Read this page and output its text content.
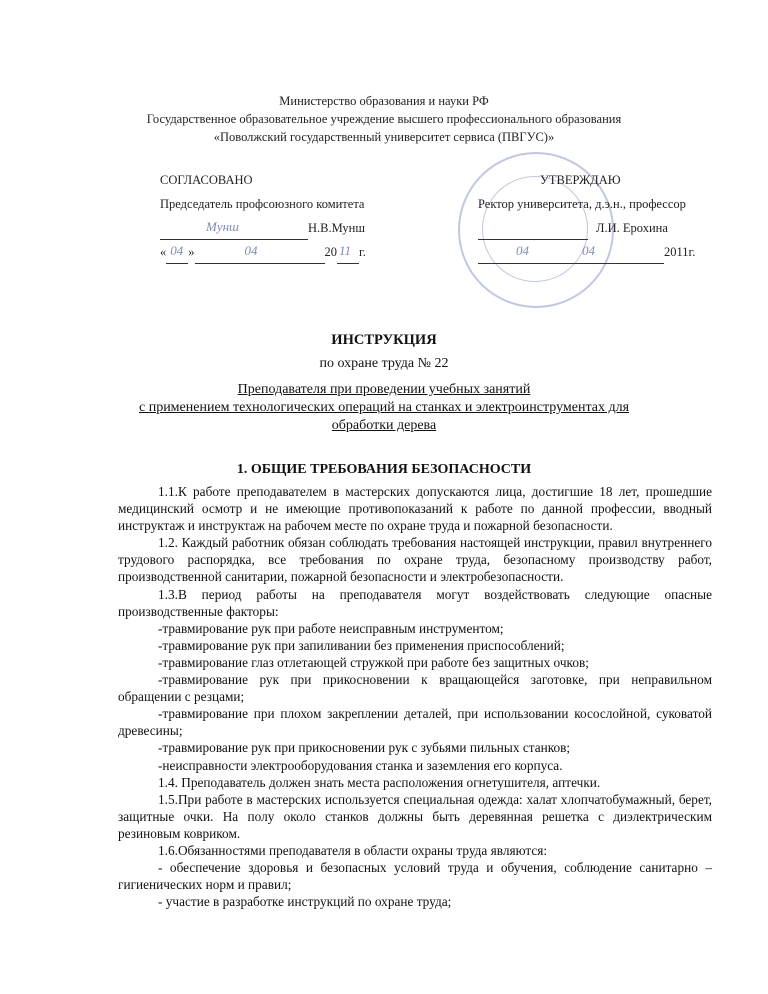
Министерство образования и науки РФ
Государственное образовательное учреждение высшего профессионального образования
«Поволжский государственный университет сервиса (ПВГУС)»
СОГЛАСОВАНО
Председатель профсоюзного комитета
Мунш	Н.В.Мунш
« 04 »	04	20 11 г.
УТВЕРЖДАЮ
Ректор университета, д.э.н., профессор
Л.И. Ерохина
04	04	20 11 г.
ИНСТРУКЦИЯ
по охране труда № 22
Преподавателя при проведении учебных занятий
с применением технологических операций на станках и электроинструментах для
обработки дерева
1. ОБЩИЕ ТРЕБОВАНИЯ БЕЗОПАСНОСТИ

1.1.К работе преподавателем в мастерских допускаются лица, достигшие 18 лет, прошедшие медицинский осмотр и не имеющие противопоказаний к работе по данной профессии, вводный инструктаж и инструктаж на рабочем месте по охране труда и пожарной безопасности.

1.2. Каждый работник обязан соблюдать требования настоящей инструкции, правил внутреннего трудового распорядка, все требования по охране труда, безопасному производству работ, производственной санитарии, пожарной безопасности и электробезопасности.

1.3.В период работы на преподавателя могут воздействовать следующие опасные производственные факторы:

-травмирование рук при работе неисправным инструментом;

-травмирование рук при запиливании без применения приспособлений;

-травмирование глаз отлетающей стружкой при работе без защитных очков;

-травмирование рук при прикосновении к вращающейся заготовке, при неправильном обращении с резцами;

-травмирование при плохом закреплении деталей, при использовании косослойной, суковатой древесины;

-травмирование рук при прикосновении рук с зубьями пильных станков;

-неисправности электрооборудования станка и заземления его корпуса.

1.4. Преподаватель должен знать места расположения огнетушителя, аптечки.

1.5.При работе в мастерских используется специальная одежда: халат хлопчатобумажный, берет, защитные очки. На полу около станков должны быть деревянная решетка с диэлектрическим резиновым ковриком.

1.6.Обязанностями преподавателя в области охраны труда являются:

- обеспечение здоровья и безопасных условий труда и обучения, соблюдение санитарно – гигиенических норм и правил;

- участие в разработке инструкций по охране труда;
